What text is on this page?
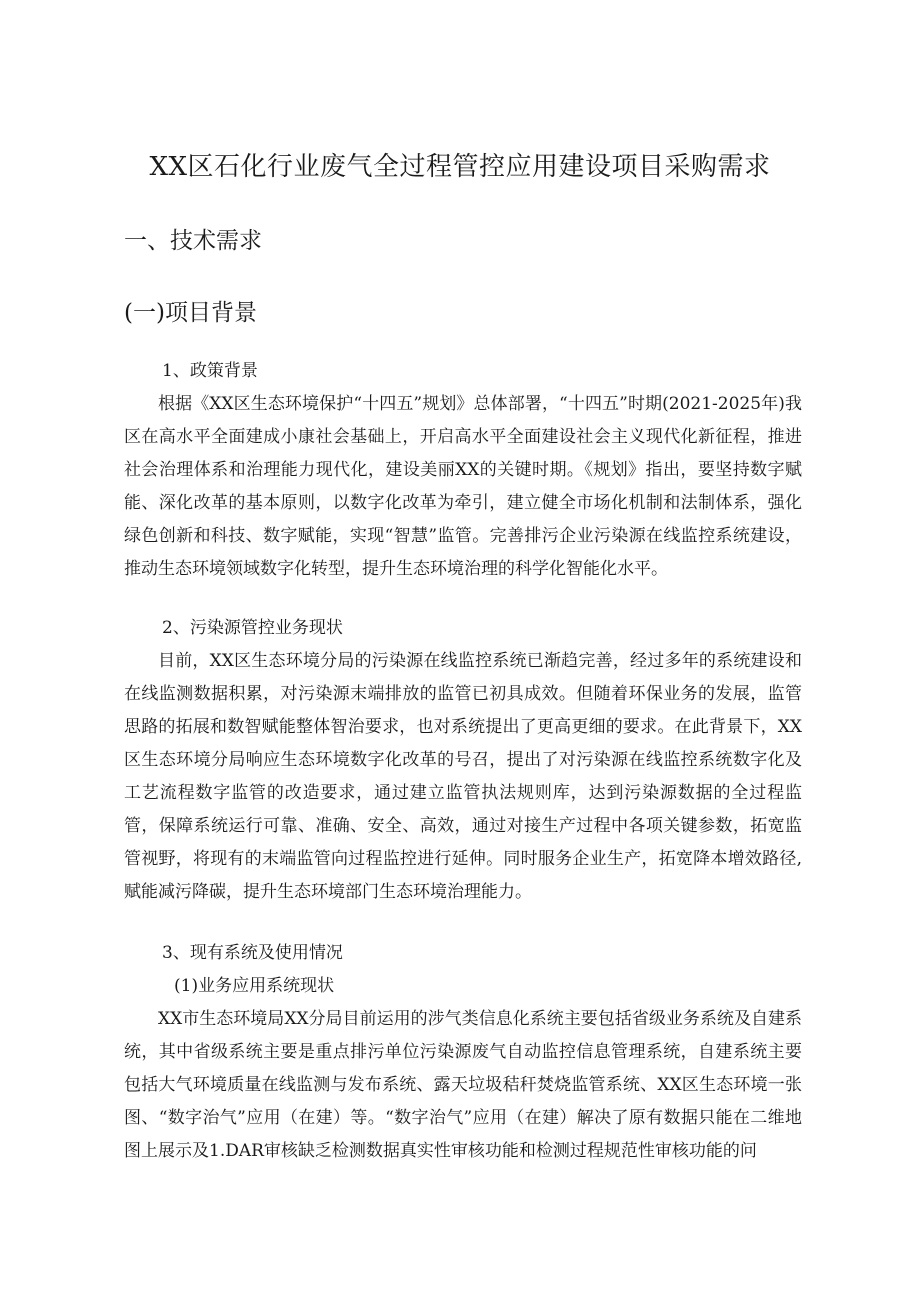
XX区石化行业废气全过程管控应用建设项目采购需求
一、技术需求
(一)项目背景
1、政策背景
根据《XX区生态环境保护“十四五”规划》总体部署，“十四五”时期(2021-2025年)我区在高水平全面建成小康社会基础上，开启高水平全面建设社会主义现代化新征程，推进社会治理体系和治理能力现代化，建设美丽XX的关键时期。《规划》指出，要坚持数字赋能、深化改革的基本原则，以数字化改革为牵引，建立健全市场化机制和法制体系，强化绿色创新和科技、数字赋能，实现“智慧”监管。完善排污企业污染源在线监控系统建设，推动生态环境领域数字化转型，提升生态环境治理的科学化智能化水平。
2、污染源管控业务现状
目前，XX区生态环境分局的污染源在线监控系统已渐趋完善，经过多年的系统建设和在线监测数据积累，对污染源末端排放的监管已初具成效。但随着环保业务的发展，监管思路的拓展和数智赋能整体智治要求，也对系统提出了更高更细的要求。在此背景下，XX区生态环境分局响应生态环境数字化改革的号召，提出了对污染源在线监控系统数字化及工艺流程数字监管的改造要求，通过建立监管执法规则库，达到污染源数据的全过程监管，保障系统运行可靠、准确、安全、高效，通过对接生产过程中各项关键参数，拓宽监管视野，将现有的末端监管向过程监控进行延伸。同时服务企业生产，拓宽降本增效路径,赋能减污降碳，提升生态环境部门生态环境治理能力。
3、现有系统及使用情况
(1)业务应用系统现状
XX市生态环境局XX分局目前运用的涉气类信息化系统主要包括省级业务系统及自建系统，其中省级系统主要是重点排污单位污染源废气自动监控信息管理系统，自建系统主要包括大气环境质量在线监测与发布系统、露天垃圾秸秆焚烧监管系统、XX区生态环境一张图、“数字治气”应用（在建）等。“数字治气”应用（在建）解决了原有数据只能在二维地图上展示及1.DAR审核缺乏检测数据真实性审核功能和检测过程规范性审核功能的问
